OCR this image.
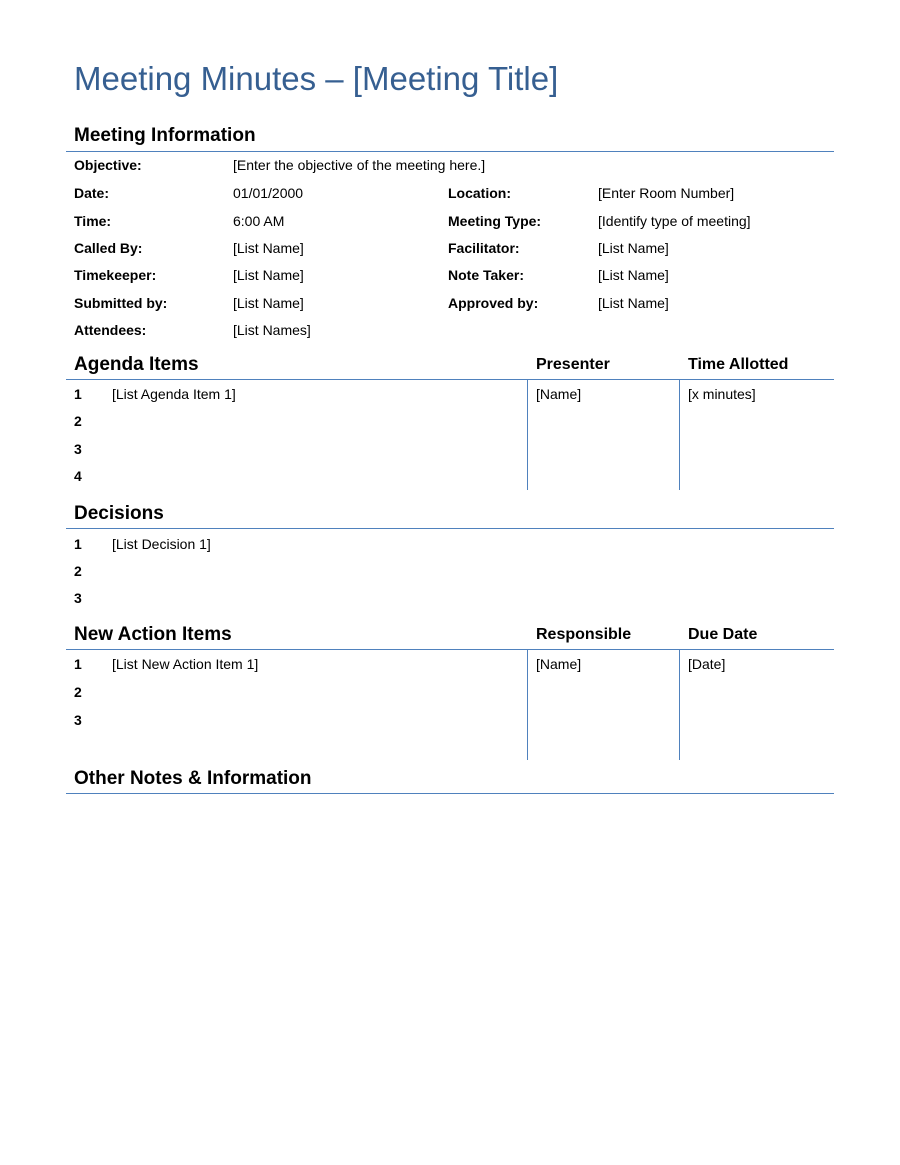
Meeting Minutes – [Meeting Title]
Meeting Information
Objective:	[Enter the objective of the meeting here.]
Date:	01/01/2000	Location:	[Enter Room Number]
Time:	6:00 AM	Meeting Type:	[Identify type of meeting]
Called By:	[List Name]	Facilitator:	[List Name]
Timekeeper:	[List Name]	Note Taker:	[List Name]
Submitted by:	[List Name]	Approved by:	[List Name]
Attendees:	[List Names]
Agenda Items	Presenter	Time Allotted
1 [List Agenda Item 1]	[Name]	[x minutes]
2
3
4
Decisions
1 [List Decision 1]
2
3
New Action Items	Responsible	Due Date
1 [List New Action Item 1]	[Name]	[Date]
2
3
Other Notes & Information
